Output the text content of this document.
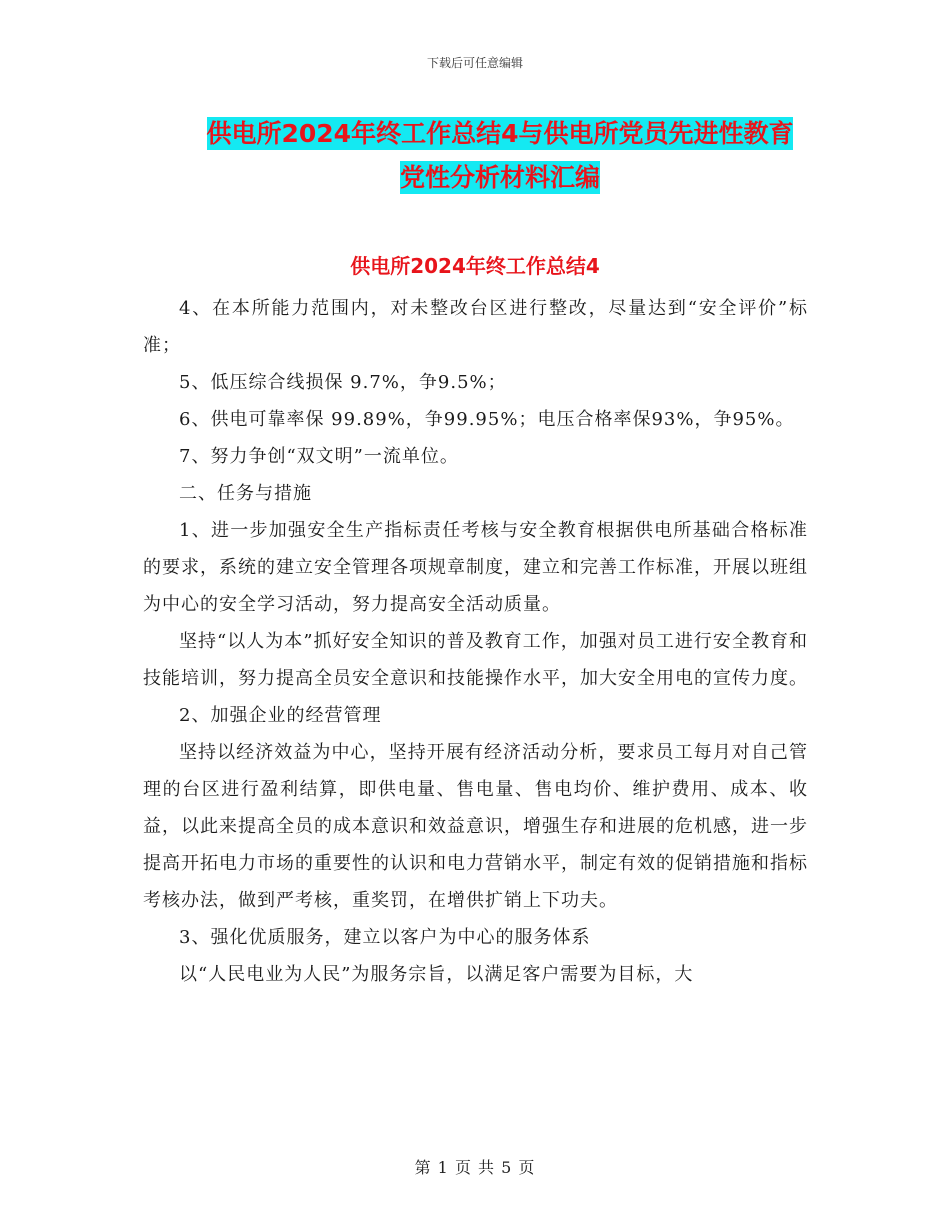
下载后可任意编辑
供电所2024年终工作总结4与供电所党员先进性教育
党性分析材料汇编
供电所2024年终工作总结4

4、在本所能力范围内，对未整改台区进行整改，尽量达到“安全评价”标准；

5、低压综合线损保 9.7%，争9.5%；

6、供电可靠率保 99.89%，争99.95%；电压合格率保93%，争95%。

7、努力争创“双文明”一流单位。

二、任务与措施

1、进一步加强安全生产指标责任考核与安全教育根据供电所基础合格标准的要求，系统的建立安全管理各项规章制度，建立和完善工作标准，开展以班组为中心的安全学习活动，努力提高安全活动质量。

坚持“以人为本”抓好安全知识的普及教育工作，加强对员工进行安全教育和技能培训，努力提高全员安全意识和技能操作水平，加大安全用电的宣传力度。

2、加强企业的经营管理

坚持以经济效益为中心，坚持开展有经济活动分析，要求员工每月对自己管理的台区进行盈利结算，即供电量、售电量、售电均价、维护费用、成本、收益，以此来提高全员的成本意识和效益意识，增强生存和进展的危机感，进一步提高开拓电力市场的重要性的认识和电力营销水平，制定有效的促销措施和指标考核办法，做到严考核，重奖罚，在增供扩销上下功夫。

3、强化优质服务，建立以客户为中心的服务体系

以“人民电业为人民”为服务宗旨，以满足客户需要为目标，大

第 1 页 共 5 页
